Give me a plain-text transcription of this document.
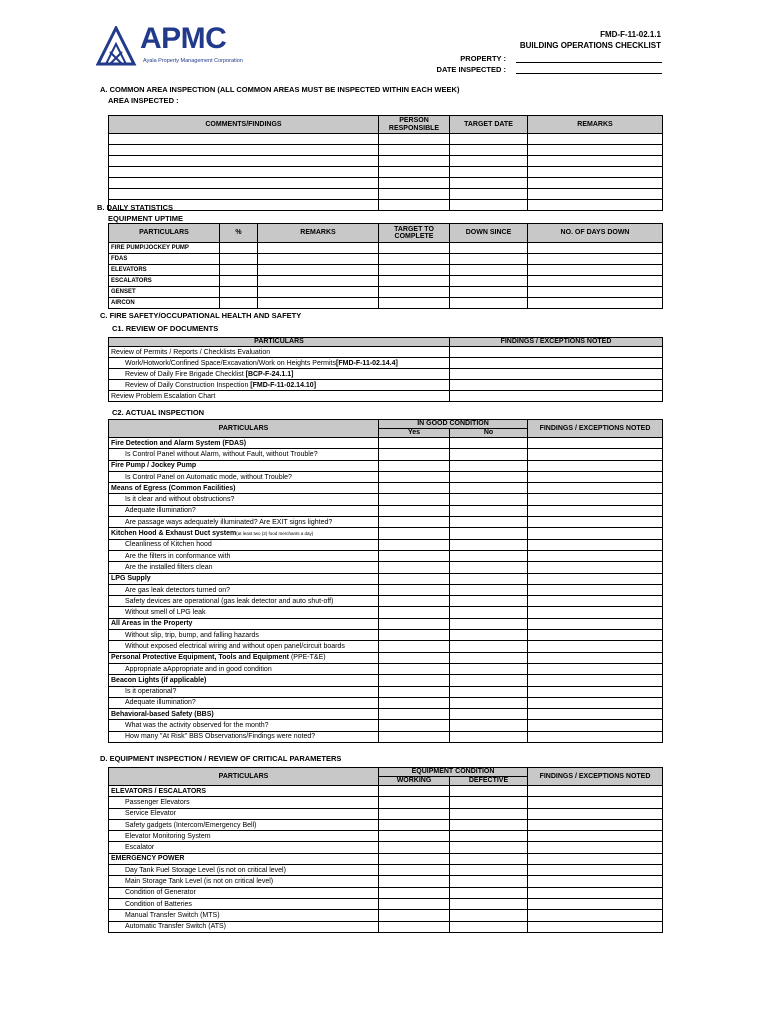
APMC
Ayala Property Management Corporation
FMD-F-11-02.1.1
BUILDING OPERATIONS CHECKLIST
PROPERTY :
DATE INSPECTED :
A. COMMON AREA INSPECTION (ALL COMMON AREAS MUST BE INSPECTED WITHIN EACH WEEK)
AREA INSPECTED :
COMMENTS/FINDINGS	PERSON RESPONSIBLE	TARGET DATE	REMARKS

B. DAILY STATISTICS
EQUIPMENT UPTIME
PARTICULARS	%	REMARKS	TARGET TO COMPLETE	DOWN SINCE	NO. OF DAYS DOWN
FIRE PUMP/JOCKEY PUMP					
FDAS					
ELEVATORS					
ESCALATORS					
GENSET					
AIRCON					
C. FIRE SAFETY/OCCUPATIONAL HEALTH AND SAFETY
C1. REVIEW OF DOCUMENTS
PARTICULARS	FINDINGS / EXCEPTIONS NOTED
Review of Permits / Reports / Checklists Evaluation	
Work/Hotwork/Confined Space/Excavation/Work on Heights Permits[FMD-F-11-02.14.4]	
Review of Daily Fire Brigade Checklist [BCP-F-24.1.1]	
Review of Daily Construction Inspection [FMD-F-11-02.14.10]	
Review Problem Escalation Chart	
C2. ACTUAL INSPECTION
PARTICULARS	IN GOOD CONDITION		FINDINGS / EXCEPTIONS NOTED
	Yes	No	
Fire Detection and Alarm System (FDAS)			
Is Control Panel without Alarm, without Fault, without Trouble?			
Fire Pump / Jockey Pump			
Is Control Panel on Automatic mode, without Trouble?			
Means of Egress (Common Facilities)			
Is it clear and without obstructions?			
Adequate illumination?			
Are passage ways adequately illuminated? Are EXIT signs lighted?			
Kitchen Hood & Exhaust Duct system(at least two (2) food merchants a day)			
Cleanliness of Kitchen hood			
Are the filters in conformance with			
Are the installed filters clean			
LPG Supply			
Are gas leak detectors turned on?			
Safety devices are operational (gas leak detector and auto shut-off)			
Without smell of LPG leak			
All Areas in the Property			
Without slip, trip, bump, and falling hazards			
Without exposed electrical wiring and without open panel/circuit boards			
Personal Protective Equipment, Tools and Equipment (PPE-T&E)			
Appropriate aAppropriate and in good condition			
Beacon Lights (if applicable)			
Is it operational?			
Adequate illumination?			
Behavioral-based Safety (BBS)			
What was the activity observed for the month?			
How many "At Risk" BBS Observations/Findings were noted?			
D. EQUIPMENT INSPECTION / REVIEW OF CRITICAL PARAMETERS
PARTICULARS	EQUIPMENT CONDITION		FINDINGS / EXCEPTIONS NOTED
	WORKING	DEFECTIVE	
ELEVATORS / ESCALATORS			
Passenger Elevators			
Service Elevator			
Safety gadgets (Intercom/Emergency Bell)			
Elevator Monitoring System			
Escalator			
EMERGENCY POWER			
Day Tank Fuel Storage Level (is not on critical level)			
Main Storage Tank Level (is not on critical level)			
Condition of Generator			
Condition of Batteries			
Manual Transfer Switch (MTS)			
Automatic Transfer Switch (ATS)			
